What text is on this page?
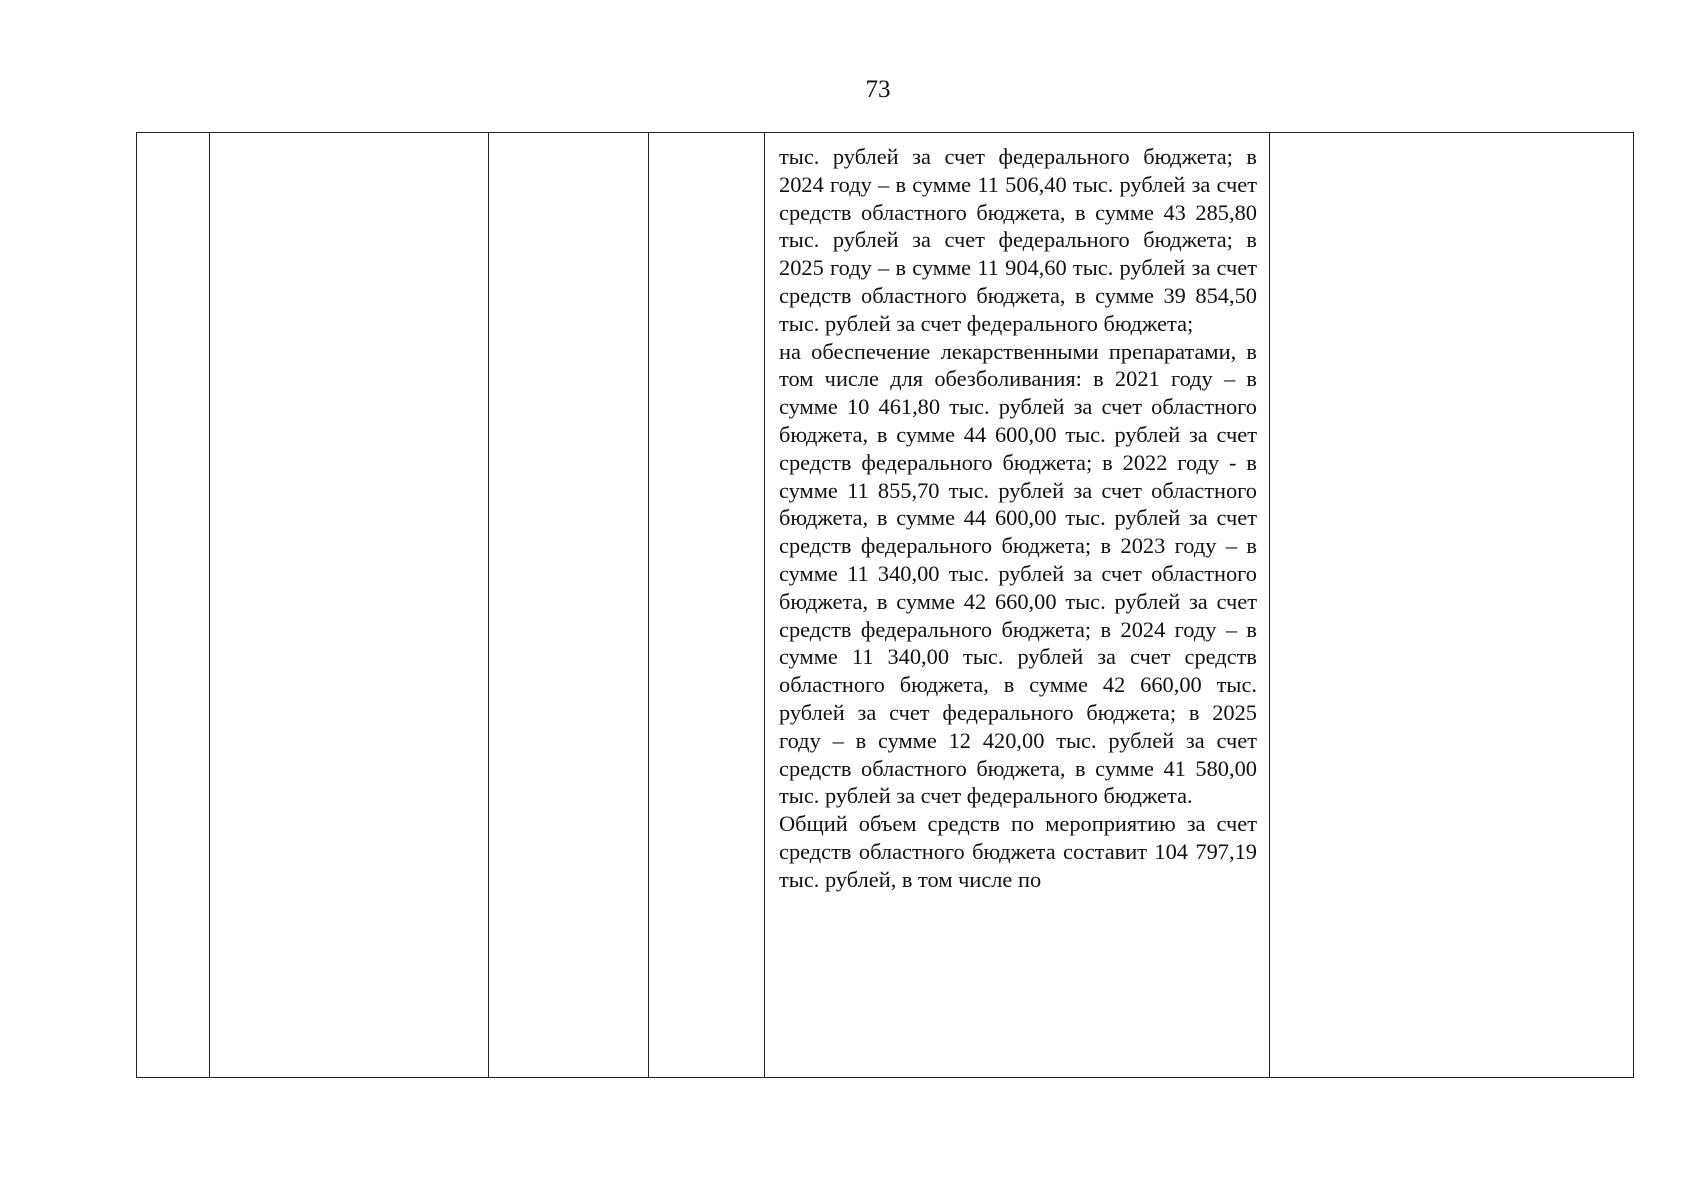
73

тыс. рублей за счет федерального бюджета; в 2024 году – в сумме 11 506,40 тыс. рублей за счет средств областного бюджета, в сумме 43 285,80 тыс. рублей за счет федерального бюджета; в 2025 году – в сумме 11 904,60 тыс. рублей за счет средств областного бюджета, в сумме 39 854,50 тыс. рублей за счет федерального бюджета;

на обеспечение лекарственными препаратами, в том числе для обезболивания: в 2021 году – в сумме 10 461,80 тыс. рублей за счет областного бюджета, в сумме 44 600,00 тыс. рублей за счет средств федерального бюджета; в 2022 году - в сумме 11 855,70 тыс. рублей за счет областного бюджета, в сумме 44 600,00 тыс. рублей за счет средств федерального бюджета; в 2023 году – в сумме 11 340,00 тыс. рублей за счет областного бюджета, в сумме 42 660,00 тыс. рублей за счет средств федерального бюджета; в 2024 году – в сумме 11 340,00 тыс. рублей за счет средств областного бюджета, в сумме 42 660,00 тыс. рублей за счет федерального бюджета; в 2025 году – в сумме 12 420,00 тыс. рублей за счет средств областного бюджета, в сумме 41 580,00 тыс. рублей за счет федерального бюджета.

Общий объем средств по мероприятию за счет средств областного бюджета составит 104 797,19 тыс. рублей, в том числе по
